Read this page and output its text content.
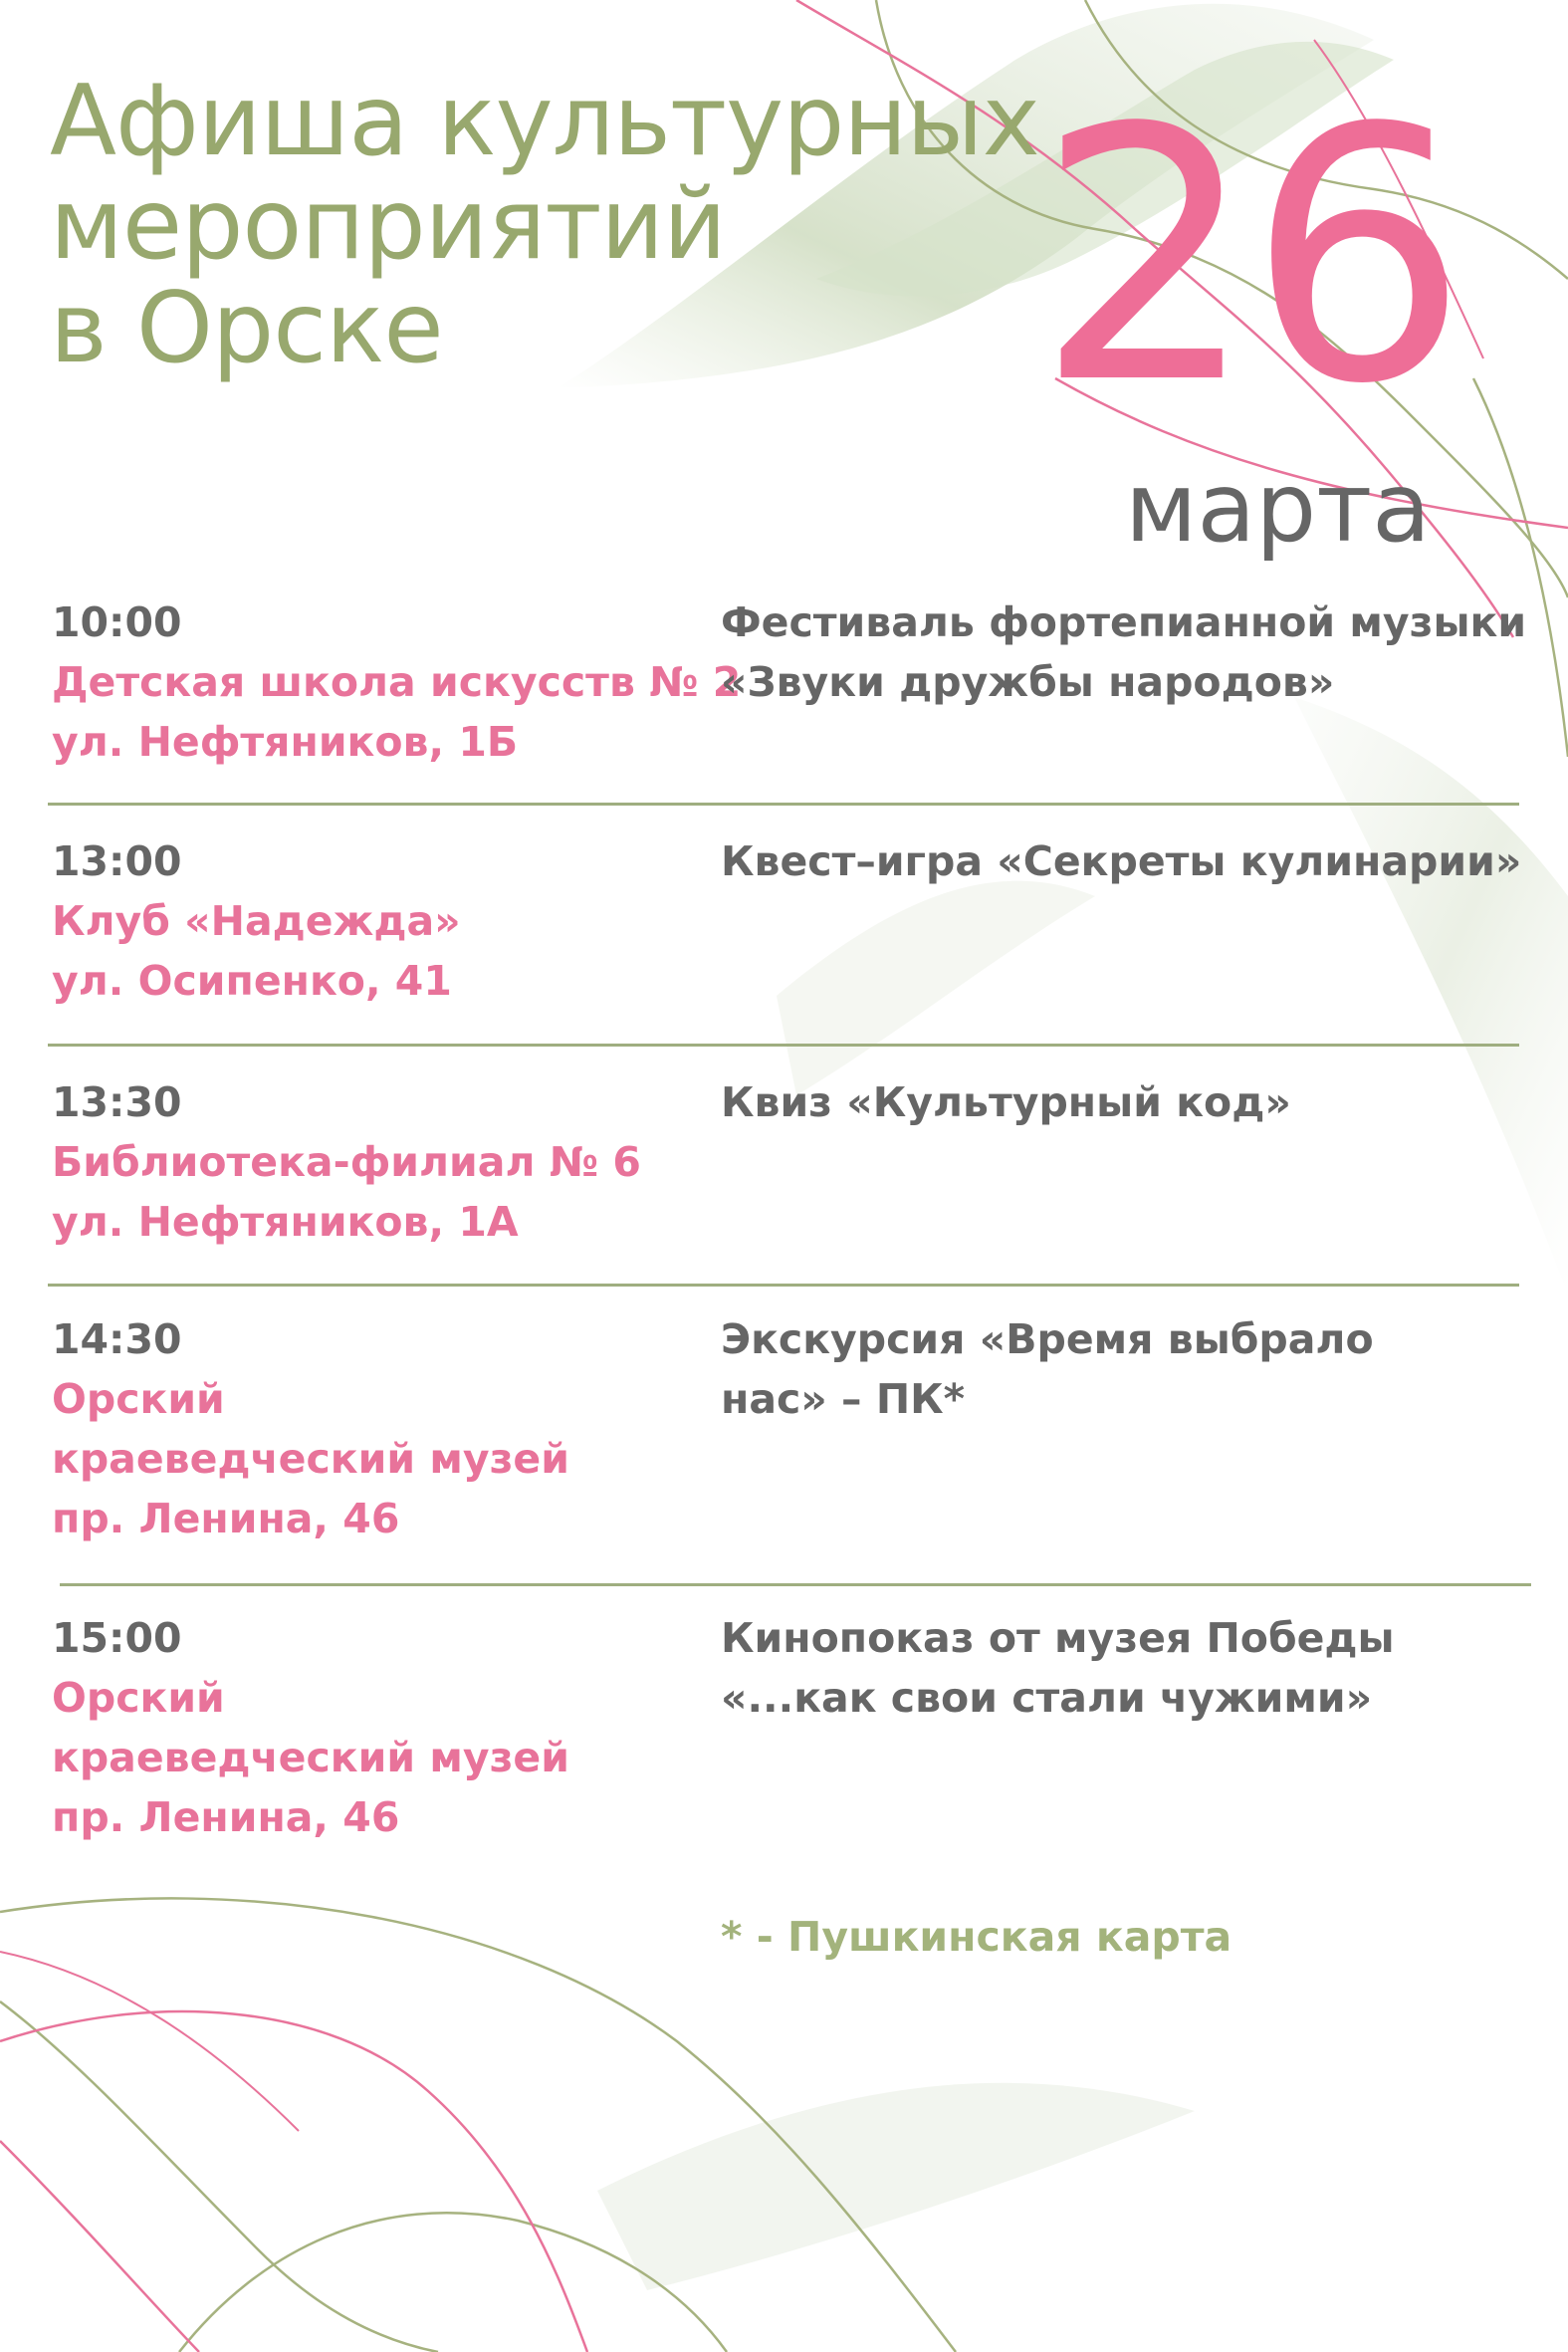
Афиша культурных
мероприятий
в Орске	26
марта
10:00
Детская школа искусств № 2
ул. Нефтяников, 1Б
Фестиваль фортепианной музыки
«Звуки дружбы народов»
13:00
Клуб «Надежда»
ул. Осипенко, 41
Квест–игра «Секреты кулинарии»
13:30
Библиотека-филиал № 6
ул. Нефтяников, 1А
Квиз «Культурный код»
14:30
Орский
краеведческий музей
пр. Ленина, 46
Экскурсия «Время выбрало
нас» – ПК*
15:00
Орский
краеведческий музей
пр. Ленина, 46
Кинопоказ от музея Победы
«...как свои стали чужими»
* - Пушкинская карта
